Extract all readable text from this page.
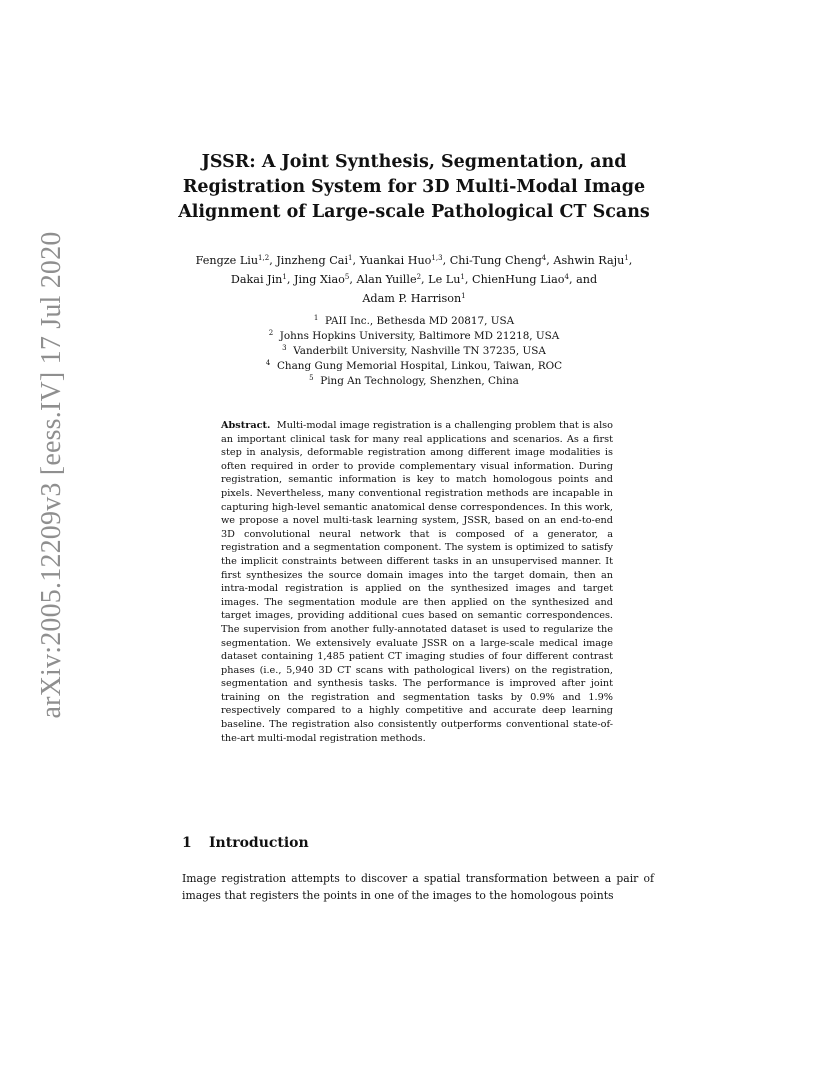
arXiv:2005.12209v3 [eess.IV] 17 Jul 2020
JSSR: A Joint Synthesis, Segmentation, and
Registration System for 3D Multi-Modal Image
Alignment of Large-scale Pathological CT Scans
Fengze Liu$^{1,2}$, Jinzheng Cai$^1$, Yuankai Huo$^{1,3}$, Chi-Tung Cheng$^4$, Ashwin Raju$^1$, Dakai Jin$^1$, Jing Xiao$^5$, Alan Yuille$^2$, Le Lu$^1$, ChienHung Liao$^4$, and
Adam P. Harrison$^1$
$^1$ PAII Inc., Bethesda MD 20817, USA
$^2$ Johns Hopkins University, Baltimore MD 21218, USA
$^3$ Vanderbilt University, Nashville TN 37235, USA
$^4$ Chang Gung Memorial Hospital, Linkou, Taiwan, ROC
$^5$ Ping An Technology, Shenzhen, China
Abstract. Multi-modal image registration is a challenging problem that is also an important clinical task for many real applications and scenarios. As a first step in analysis, deformable registration among different image modalities is often required in order to provide complementary visual information. During registration, semantic information is key to match homologous points and pixels. Nevertheless, many conventional registration methods are incapable in capturing high-level semantic anatomical dense correspondences. In this work, we propose a novel multi-task learning system, JSSR, based on an end-to-end 3D convolutional neural network that is composed of a generator, a registration and a segmentation component. The system is optimized to satisfy the implicit constraints between different tasks in an unsupervised manner. It first synthesizes the source domain images into the target domain, then an intra-modal registration is applied on the synthesized images and target images. The segmentation module are then applied on the synthesized and target images, providing additional cues based on semantic correspondences. The supervision from another fully-annotated dataset is used to regularize the segmentation. We extensively evaluate JSSR on a large-scale medical image dataset containing 1,485 patient CT imaging studies of four different contrast phases (i.e., 5,940 3D CT scans with pathological livers) on the registration, segmentation and synthesis tasks. The performance is improved after joint training on the registration and segmentation tasks by 0.9% and 1.9% respectively compared to a highly competitive and accurate deep learning baseline. The registration also consistently outperforms conventional state-of-the-art multi-modal registration methods.
1 Introduction
Image registration attempts to discover a spatial transformation between a pair of images that registers the points in one of the images to the homologous points
